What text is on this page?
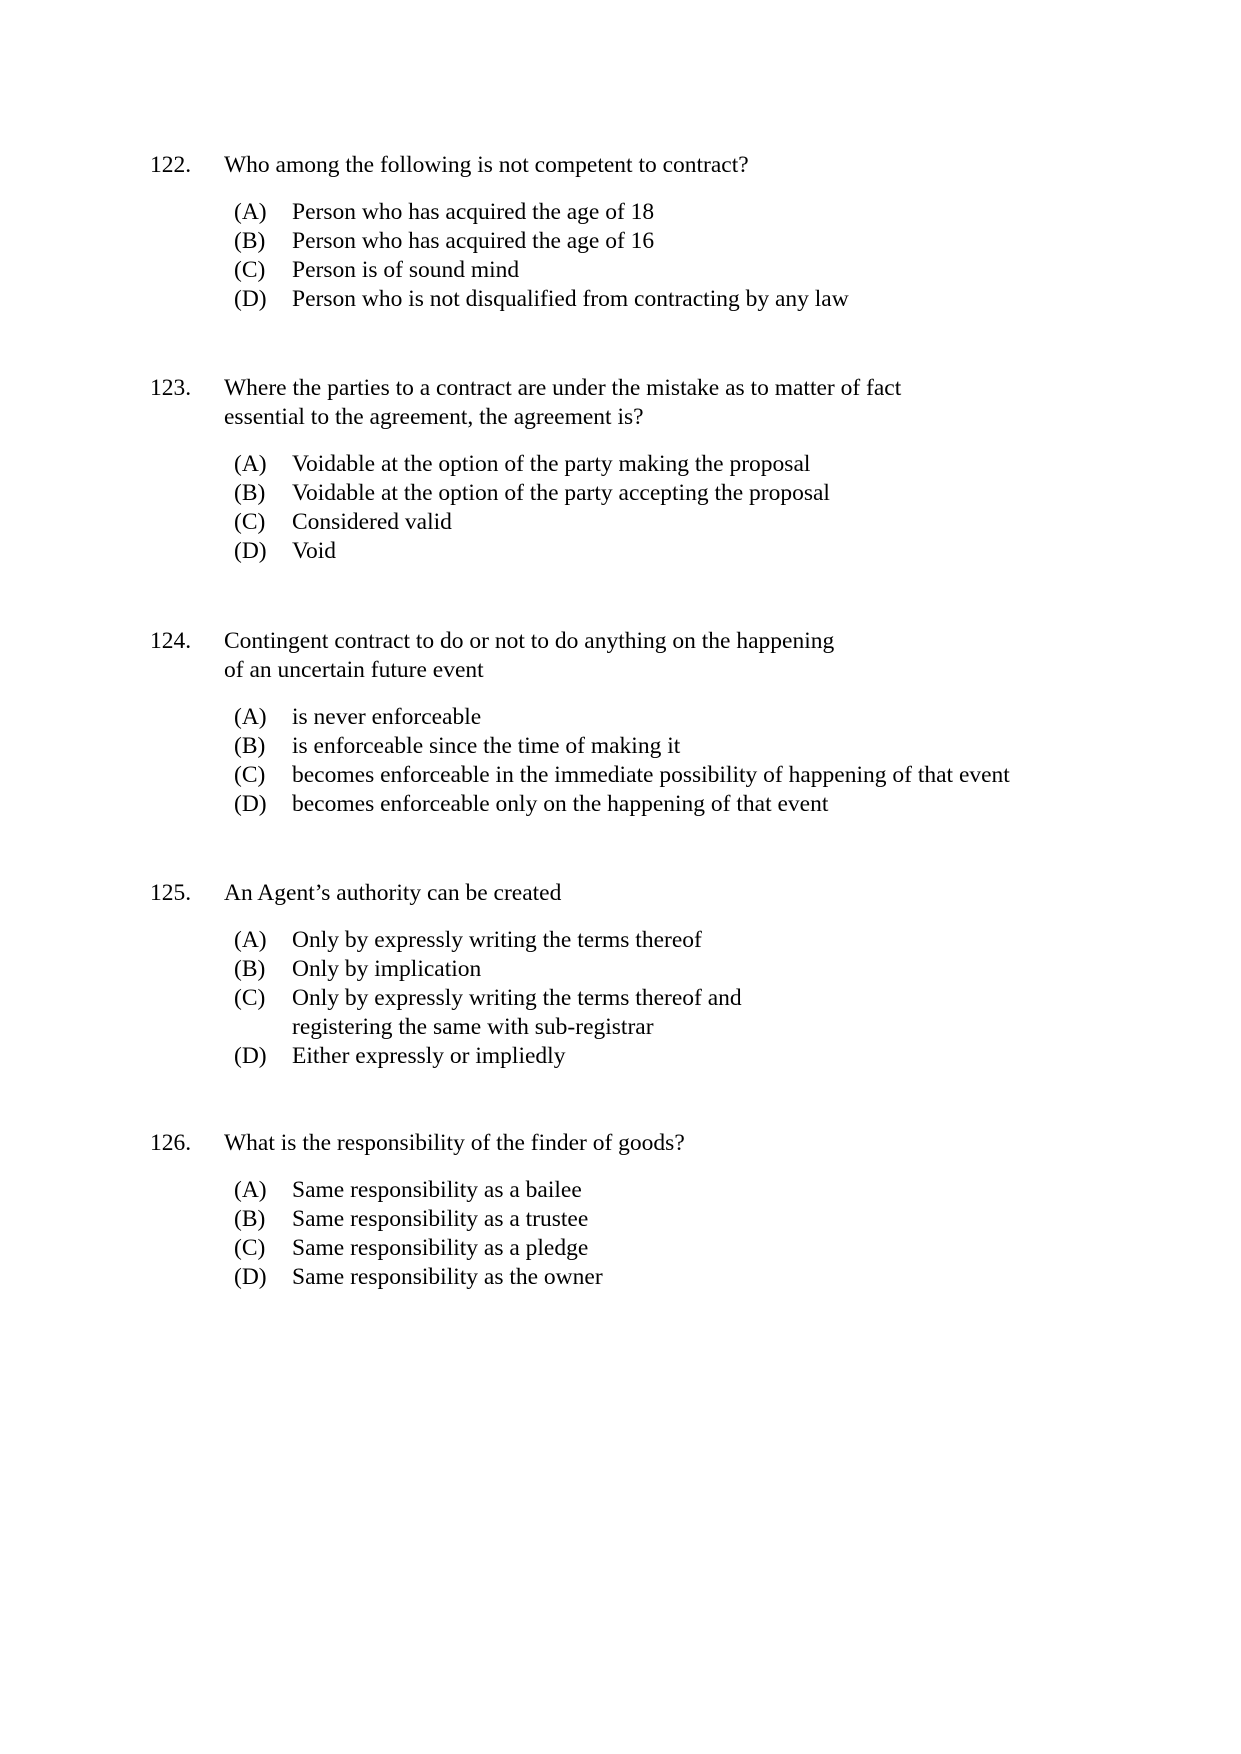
122.	Who among the following is not competent to contract?
(A)	Person who has acquired the age of 18
(B)	Person who has acquired the age of 16
(C)	Person is of sound mind
(D)	Person who is not disqualified from contracting by any law
123.	Where the parties to a contract are under the mistake as to matter of fact
essential to the agreement, the agreement is?
(A)	Voidable at the option of the party making the proposal
(B)	Voidable at the option of the party accepting the proposal
(C)	Considered valid
(D)	Void
124.	Contingent contract to do or not to do anything on the happening
of an uncertain future event
(A)	is never enforceable
(B)	is enforceable since the time of making it
(C)	becomes enforceable in the immediate possibility of happening of that event
(D)	becomes enforceable only on the happening of that event
125.	An Agent’s authority can be created
(A)	Only by expressly writing the terms thereof
(B)	Only by implication
(C)	Only by expressly writing the terms thereof and
registering the same with sub-registrar
(D)	Either expressly or impliedly
126.	What is the responsibility of the finder of goods?
(A)	Same responsibility as a bailee
(B)	Same responsibility as a trustee
(C)	Same responsibility as a pledge
(D)	Same responsibility as the owner
